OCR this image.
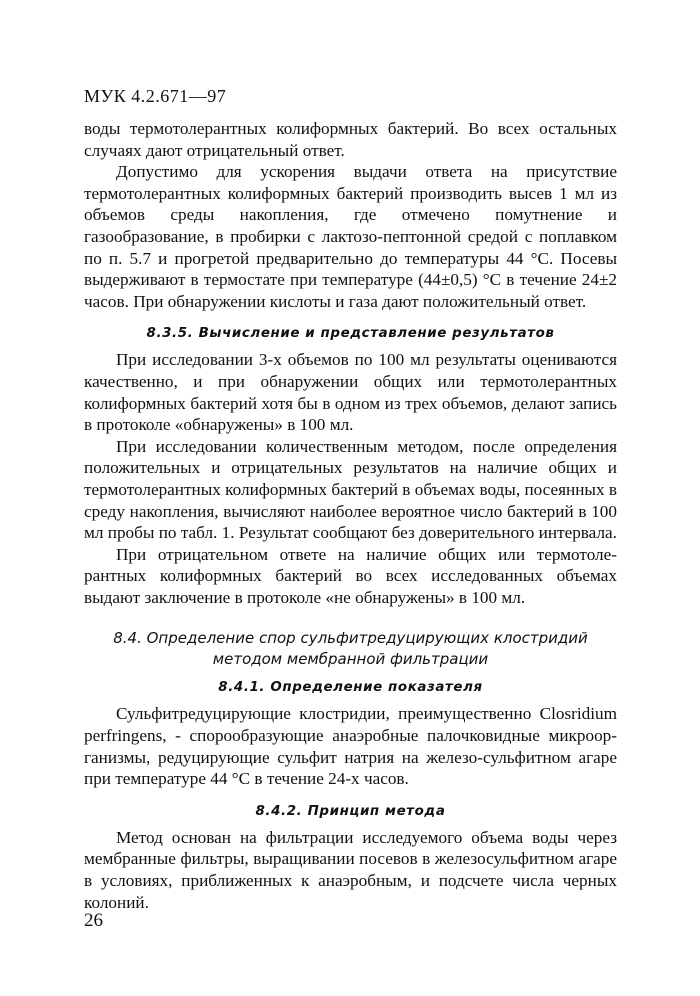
МУК 4.2.671—97

воды термотолерантных колиформных бактерий. Во всех остальных случаях дают отрицательный ответ.

Допустимо для ускорения выдачи ответа на присутствие термотолерантных колиформных бактерий производить высев 1 мл из объемов среды накопления, где отмечено помутнение и газообразование, в пробирки с лактозо-пептонной средой с поплавком по п. 5.7 и прогретой предварительно до температуры 44 °С. Посевы выдерживают в термостате при температуре (44±0,5) °С в течение 24±2 часов. При обнаружении кислоты и газа дают положительный ответ.

8.3.5. Вычисление и представление результатов

При исследовании 3-х объемов по 100 мл результаты оцениваются качественно, и при обнаружении общих или термотолерантных колиформных бактерий хотя бы в одном из трех объемов, делают запись в протоколе «обнаружены» в 100 мл.

При исследовании количественным методом, после определения положительных и отрицательных результатов на наличие общих и термотолерантных колиформных бактерий в объемах воды, посеянных в среду накопления, вычисляют наиболее вероятное число бактерий в 100 мл пробы по табл. 1. Результат сообщают без доверительного интервала.

При отрицательном ответе на наличие общих или термотолерантных колиформных бактерий во всех исследованных объемах выдают заключение в протоколе «не обнаружены» в 100 мл.

8.4. Определение спор сульфитредуцирующих клостридий методом мембранной фильтрации
8.4.1. Определение показателя

Сульфитредуцирующие клостридии, преимущественно Closridium perfringens, - спорообразующие анаэробные палочковидные микроорганизмы, редуцирующие сульфит натрия на железо-сульфитном агаре при температуре 44 °С в течение 24-х часов.

8.4.2. Принцип метода

Метод основан на фильтрации исследуемого объема воды через мембранные фильтры, выращивании посевов в железосульфитном агаре в условиях, приближенных к анаэробным, и подсчете числа черных колоний.

26
